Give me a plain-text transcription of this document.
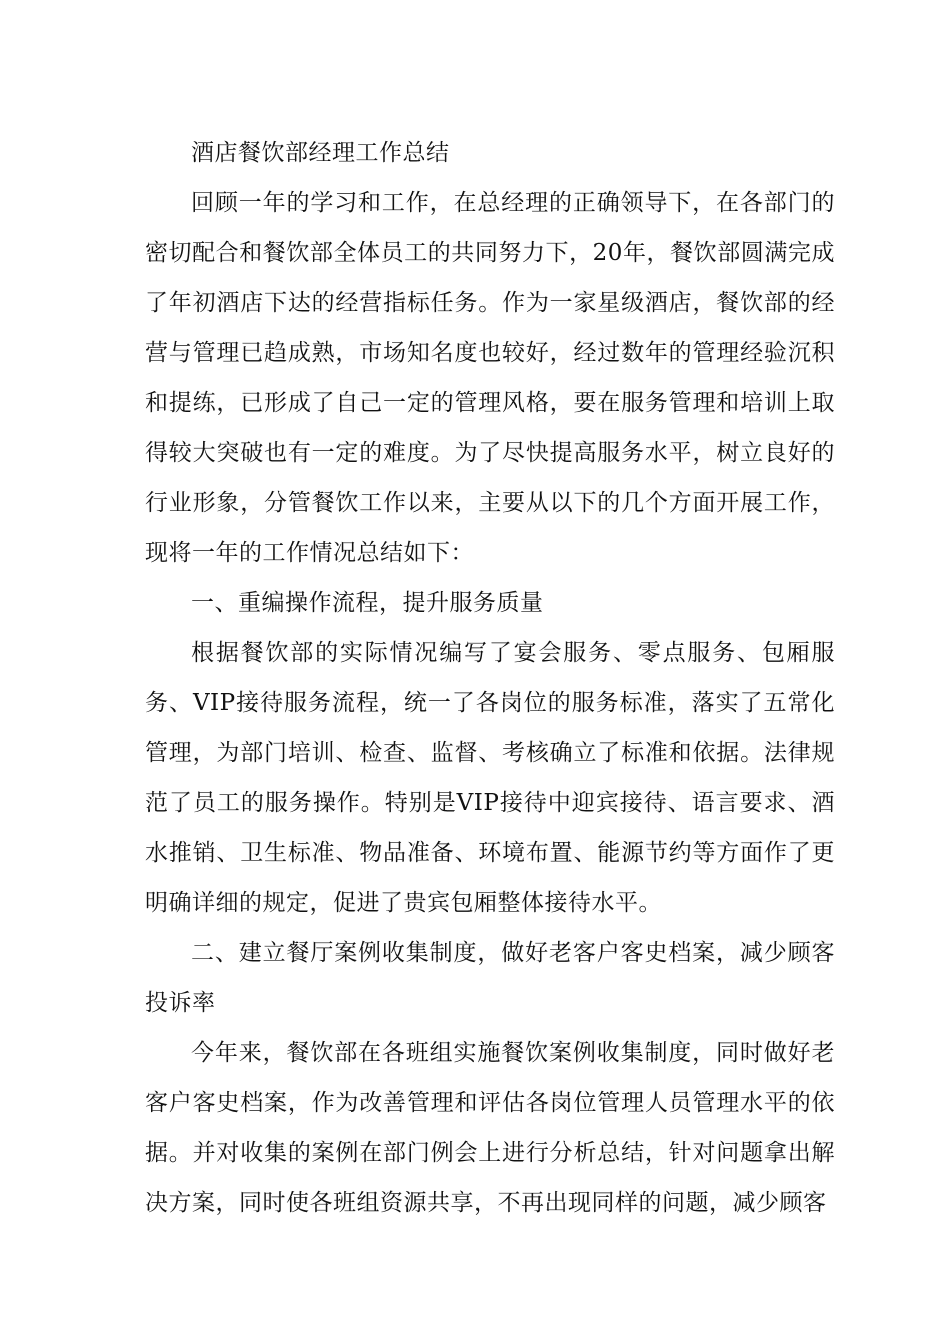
酒店餐饮部经理工作总结

回顾一年的学习和工作，在总经理的正确领导下，在各部门的密切配合和餐饮部全体员工的共同努力下，20年，餐饮部圆满完成了年初酒店下达的经营指标任务。作为一家星级酒店，餐饮部的经营与管理已趋成熟，市场知名度也较好，经过数年的管理经验沉积和提练，已形成了自己一定的管理风格，要在服务管理和培训上取得较大突破也有一定的难度。为了尽快提高服务水平，树立良好的行业形象，分管餐饮工作以来，主要从以下的几个方面开展工作，现将一年的工作情况总结如下：

一、重编操作流程，提升服务质量

根据餐饮部的实际情况编写了宴会服务、零点服务、包厢服务、VIP接待服务流程，统一了各岗位的服务标准，落实了五常化管理，为部门培训、检查、监督、考核确立了标准和依据。法律规范了员工的服务操作。特别是VIP接待中迎宾接待、语言要求、酒水推销、卫生标准、物品准备、环境布置、能源节约等方面作了更明确详细的规定，促进了贵宾包厢整体接待水平。

二、建立餐厅案例收集制度，做好老客户客史档案，减少顾客投诉率

今年来，餐饮部在各班组实施餐饮案例收集制度，同时做好老客户客史档案，作为改善管理和评估各岗位管理人员管理水平的依据。并对收集的案例在部门例会上进行分析总结，针对问题拿出解决方案，同时使各班组资源共享，不再出现同样的问题，减少顾客
